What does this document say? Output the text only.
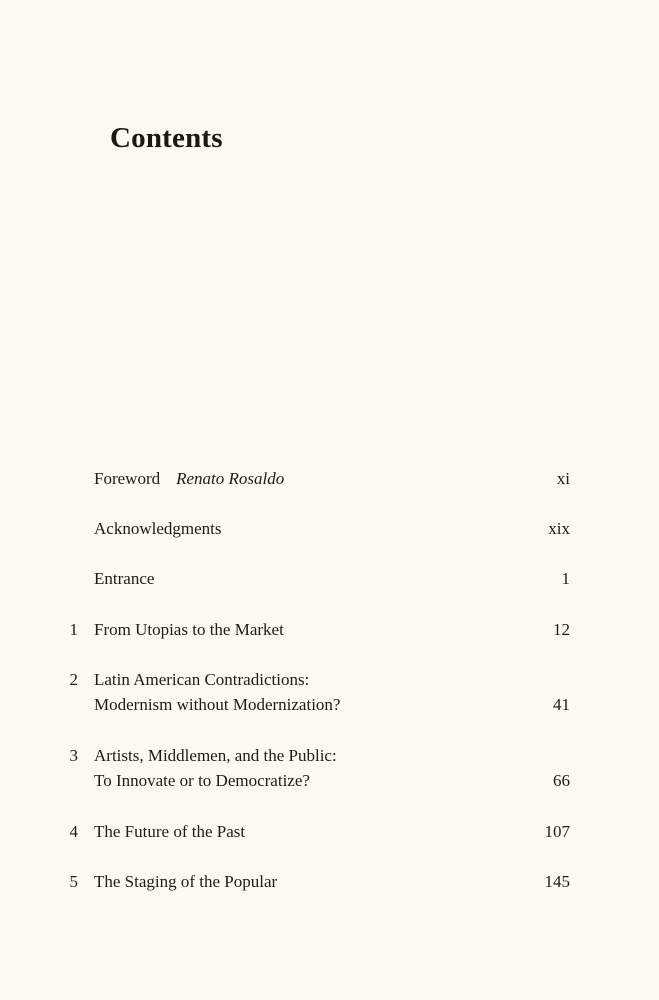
Contents
Foreword Renato Rosaldo	xi
Acknowledgments	xix
Entrance	1
1 From Utopias to the Market	12
2 Latin American Contradictions:
Modernism without Modernization?	41
3 Artists, Middlemen, and the Public:
To Innovate or to Democratize?	66
4 The Future of the Past	107
5 The Staging of the Popular	145
